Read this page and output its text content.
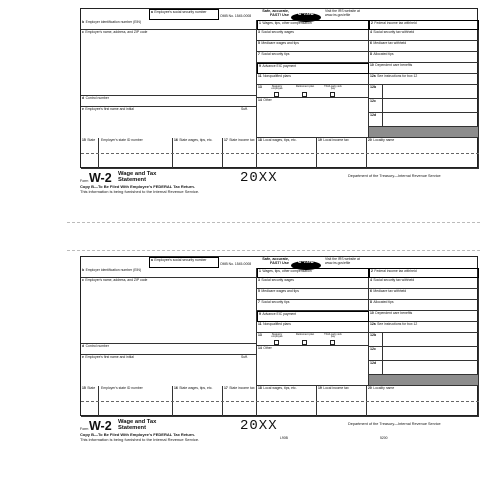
a Employee's social security number
OMB No. 1545-0008
Safe, accurate,
FAST! Use	e-file	Visit the IRS website at
www.irs.gov/efile
b Employer identification number (EIN)
c Employer's name, address, and ZIP code
d Control number
e Employee's first name and initial	Suff.
1 Wages, tips, other compensation	2 Federal income tax withheld
3 Social security wages	4 Social security tax withheld
5 Medicare wages and tips	6 Medicare tax withheld
7 Social security tips	8 Allocated tips
9 Advance EIC payment	10 Dependent care benefits
11 Nonqualified plans	12a See instructions for box 12
13	Statutory employee
Retirement plan	Third-party sick pay
14 Other
12b
12c
12d
15 State Employer's state ID number	16 State wages, tips, etc.	17 State income tax	18 Local wages, tips, etc.	19 Local income tax	20 Locality name
Form W-2 Wage and Tax
Statement	20XX	Department of the Treasury—Internal Revenue Service
Copy B—To Be Filed With Employee's FEDERAL Tax Return.
This information is being furnished to the Internal Revenue Service.
a Employee's social security number
OMB No. 1545-0008
Safe, accurate,
FAST! Use	e-file	Visit the IRS website at
www.irs.gov/efile
b Employer identification number (EIN)
c Employer's name, address, and ZIP code
d Control number
e Employee's first name and initial	Suff.
1 Wages, tips, other compensation	2 Federal income tax withheld
3 Social security wages	4 Social security tax withheld
5 Medicare wages and tips	6 Medicare tax withheld
7 Social security tips	8 Allocated tips
9 Advance EIC payment	10 Dependent care benefits
11 Nonqualified plans	12a See instructions for box 12
13	Statutory employee
Retirement plan	Third-party sick pay
14 Other
12b
12c
12d
15 State Employer's state ID number	16 State wages, tips, etc.	17 State income tax	18 Local wages, tips, etc.	19 Local income tax	20 Locality name
Form W-2 Wage and Tax
Statement	20XX	Department of the Treasury—Internal Revenue Service
Copy B—To Be Filed With Employee's FEDERAL Tax Return.
This information is being furnished to the Internal Revenue Service.	L90B	5200
